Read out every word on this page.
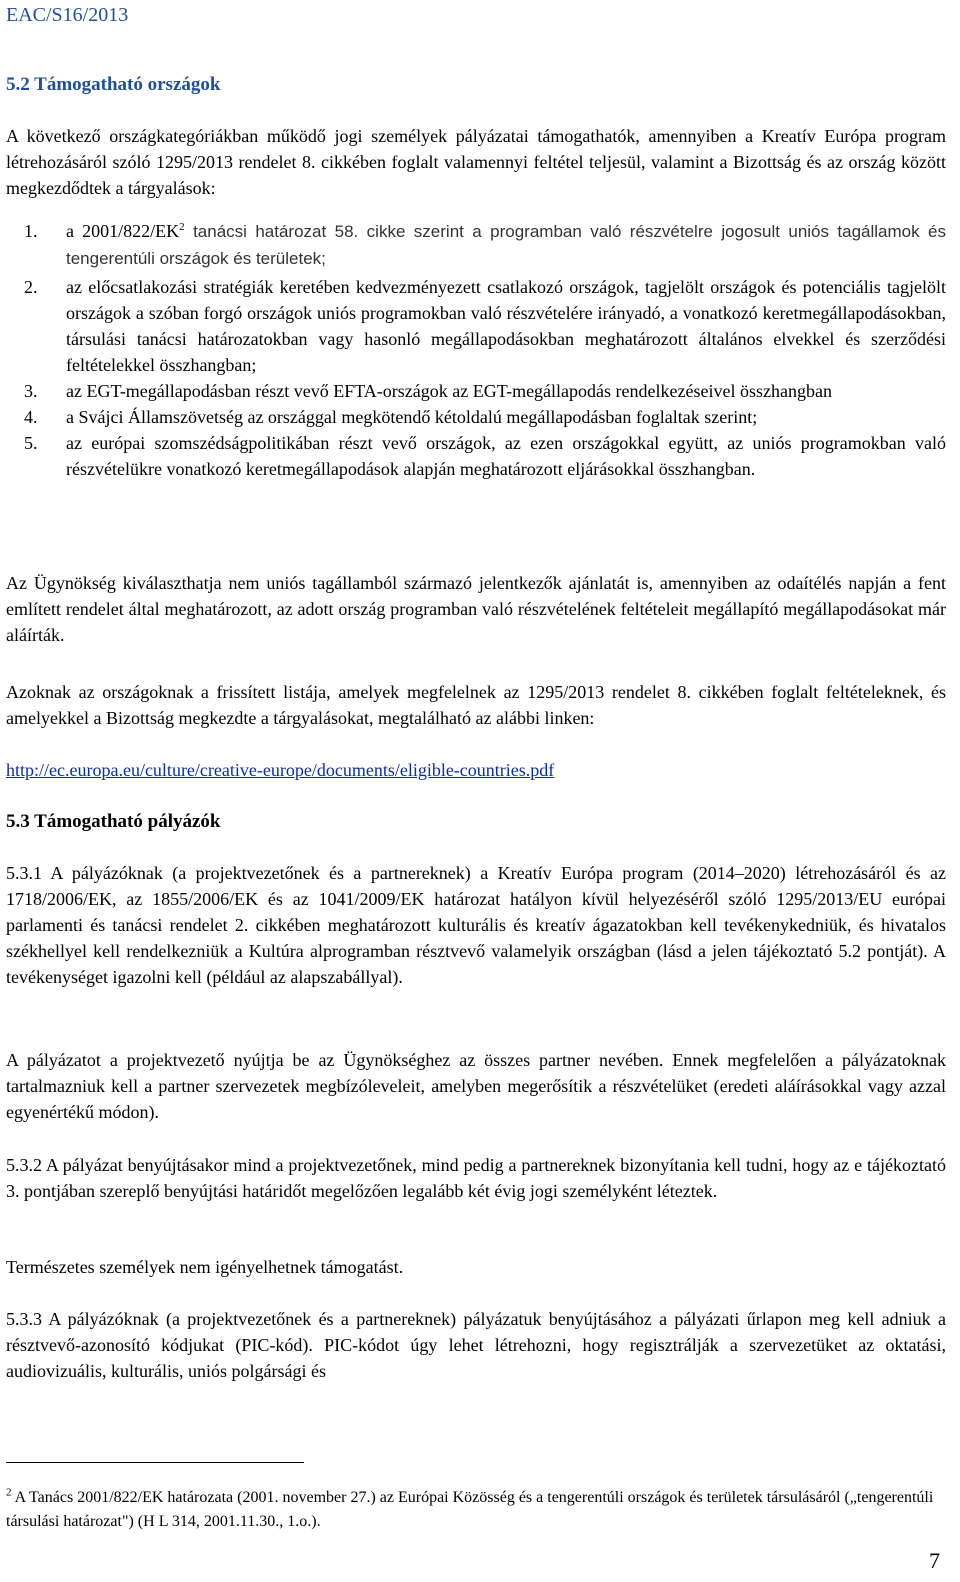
EAC/S16/2013
5.2 Támogatható országok
A következő országkategóriákban működő jogi személyek pályázatai támogathatók, amennyiben a Kreatív Európa program létrehozásáról szóló 1295/2013 rendelet 8. cikkében foglalt valamennyi feltétel teljesül, valamint a Bizottság és az ország között megkezdődtek a tárgyalások:
1. a $2001/822/EK^2$ tanácsi határozat 58. cikke szerint a programban való részvételre jogosult uniós tagállamok és tengerentúli országok és területek;
2. az előcsatlakozási stratégiák keretében kedvezményezett csatlakozó országok, tagjelölt országok és potenciális tagjelölt országok a szóban forgó országok uniós programokban való részvételére irányadó, a vonatkozó keretmegállapodásokban, társulási tanácsi határozatokban vagy hasonló megállapodásokban meghatározott általános elvekkel és szerződési feltételekkel összhangban;
3. az EGT-megállapodásban részt vevő EFTA-országok az EGT-megállapodás rendelkezéseivel összhangban
4. a Svájci Államszövetség az országgal megkötendő kétoldalú megállapodásban foglaltak szerint;
5. az európai szomszédságpolitikában részt vevő országok, az ezen országokkal együtt, az uniós programokban való részvételükre vonatkozó keretmegállapodások alapján meghatározott eljárásokkal összhangban.
Az Ügynökség kiválaszthatja nem uniós tagállamból származó jelentkezők ajánlatát is, amennyiben az odaítélés napján a fent említett rendelet által meghatározott, az adott ország programban való részvételének feltételeit megállapító megállapodásokat már aláírták.
Azoknak az országoknak a frissített listája, amelyek megfelelnek az 1295/2013 rendelet 8. cikkében foglalt feltételeknek, és amelyekkel a Bizottság megkezdte a tárgyalásokat, megtalálható az alábbi linken:
http://ec.europa.eu/culture/creative-europe/documents/eligible-countries.pdf
5.3 Támogatható pályázók
5.3.1 A pályázóknak (a projektvezetőnek és a partnereknek) a Kreatív Európa program (2014–2020) létrehozásáról és az 1718/2006/EK, az 1855/2006/EK és az 1041/2009/EK határozat hatályon kívül helyezéséről szóló 1295/2013/EU európai parlamenti és tanácsi rendelet 2. cikkében meghatározott kulturális és kreatív ágazatokban kell tevékenykedniük, és hivatalos székhellyel kell rendelkezniük a Kultúra alprogramban résztvevő valamelyik országban (lásd a jelen tájékoztató 5.2 pontját). A tevékenységet igazolni kell (például az alapszabállyal).
A pályázatot a projektvezető nyújtja be az Ügynökséghez az összes partner nevében. Ennek megfelelően a pályázatoknak tartalmazniuk kell a partner szervezetek megbízóleveleit, amelyben megerősítik a részvételüket (eredeti aláírásokkal vagy azzal egyenértékű módon).
5.3.2 A pályázat benyújtásakor mind a projektvezetőnek, mind pedig a partnereknek bizonyítania kell tudni, hogy az e tájékoztató 3. pontjában szereplő benyújtási határidőt megelőzően legalább két évig jogi személyként léteztek.
Természetes személyek nem igényelhetnek támogatást.
5.3.3 A pályázóknak (a projektvezetőnek és a partnereknek) pályázatuk benyújtásához a pályázati űrlapon meg kell adniuk a résztvevő-azonosító kódjukat (PIC-kód). PIC-kódot úgy lehet létrehozni, hogy regisztrálják a szervezetüket az oktatási, audiovizuális, kulturális, uniós polgársági és
$^2$ A Tanács 2001/822/EK határozata (2001. november 27.) az Európai Közösség és a tengerentúli országok és területek társulásáról („tengerentúli társulási határozat") (H L 314, 2001.11.30., 1.o.).
7
